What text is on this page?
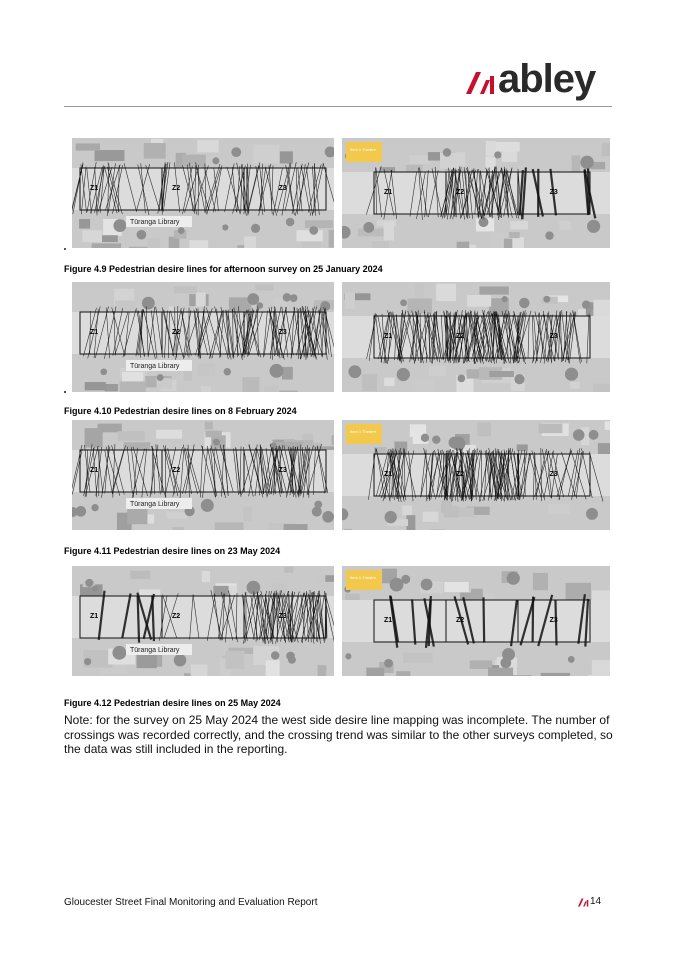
abley
Z1	Z2	Z3
Tūranga Library
Z1	Z2	Z3
Item 1 Theatre
Figure 4.9 Pedestrian desire lines for afternoon survey on 25 January 2024
Z1	Z2	Z3
Tūranga Library
Z1	Z2	Z3
Figure 4.10 Pedestrian desire lines on 8 February 2024
Z1	Z2	Z3
Tūranga Library
Z1	Z2	Z3
Item 1 Theatre
Figure 4.11 Pedestrian desire lines on 23 May 2024
Z1	Z2	Z3
Tūranga Library
Z1	Z2	Z3
Item 1 Theatre
Figure 4.12 Pedestrian desire lines on 25 May 2024
Note: for the survey on 25 May 2024 the west side desire line mapping was incomplete. The number of crossings was recorded correctly, and the crossing trend was similar to the other surveys completed, so the data was still included in the reporting.
Gloucester Street Final Monitoring and Evaluation Report	14
